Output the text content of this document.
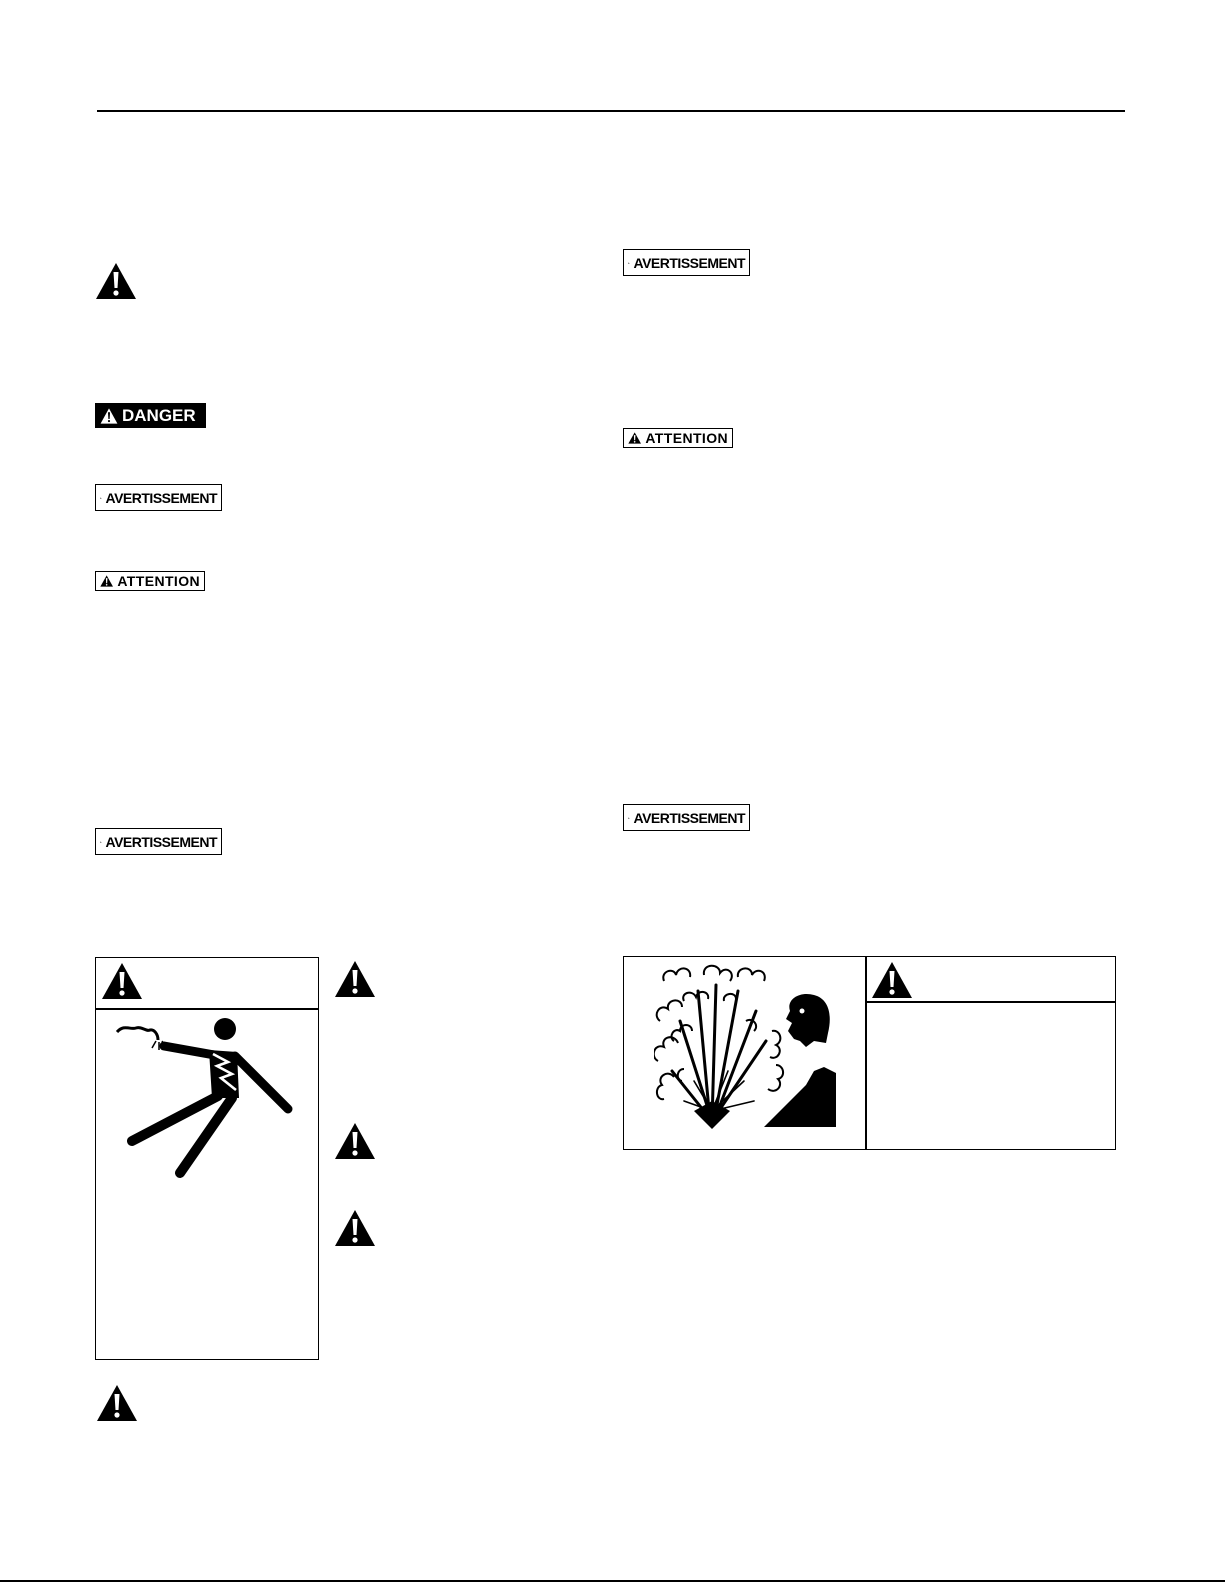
DANGER
AVERTISSEMENT
ATTENTION
AVERTISSEMENT
AVERTISSEMENT
ATTENTION
AVERTISSEMENT
